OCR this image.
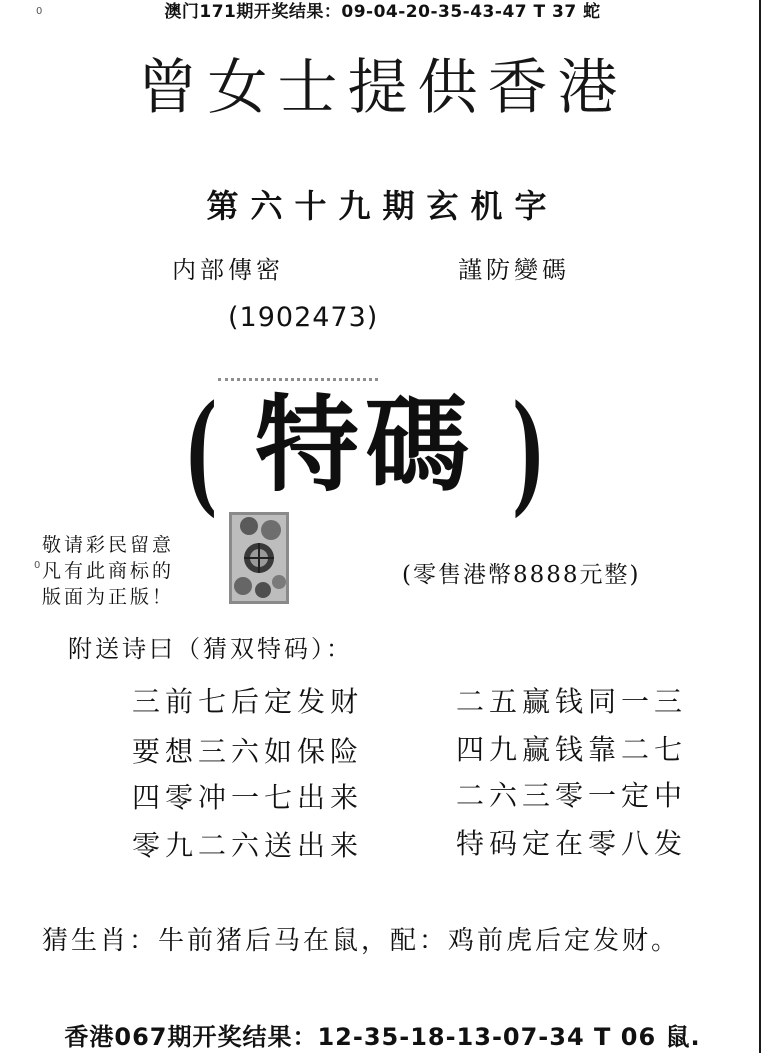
0	澳门171期开奖结果：09-04-20-35-43-47 T 37 蛇
曾女士提供香港
第六十九期玄机字
内部傳密	謹防變碼
(1902473)
( 特碼 )
0
敬请彩民留意
凡有此商标的
版面为正版！
(零售港幣8888元整)
附送诗曰（猜双特码）：
三前七后定发财
要想三六如保险
四零冲一七出来
零九二六送出来
二五赢钱同一三
四九赢钱靠二七
二六三零一定中
特码定在零八发
猜生肖：牛前猪后马在鼠，配：鸡前虎后定发财。
香港067期开奖结果：12-35-18-13-07-34 T 06 鼠.
